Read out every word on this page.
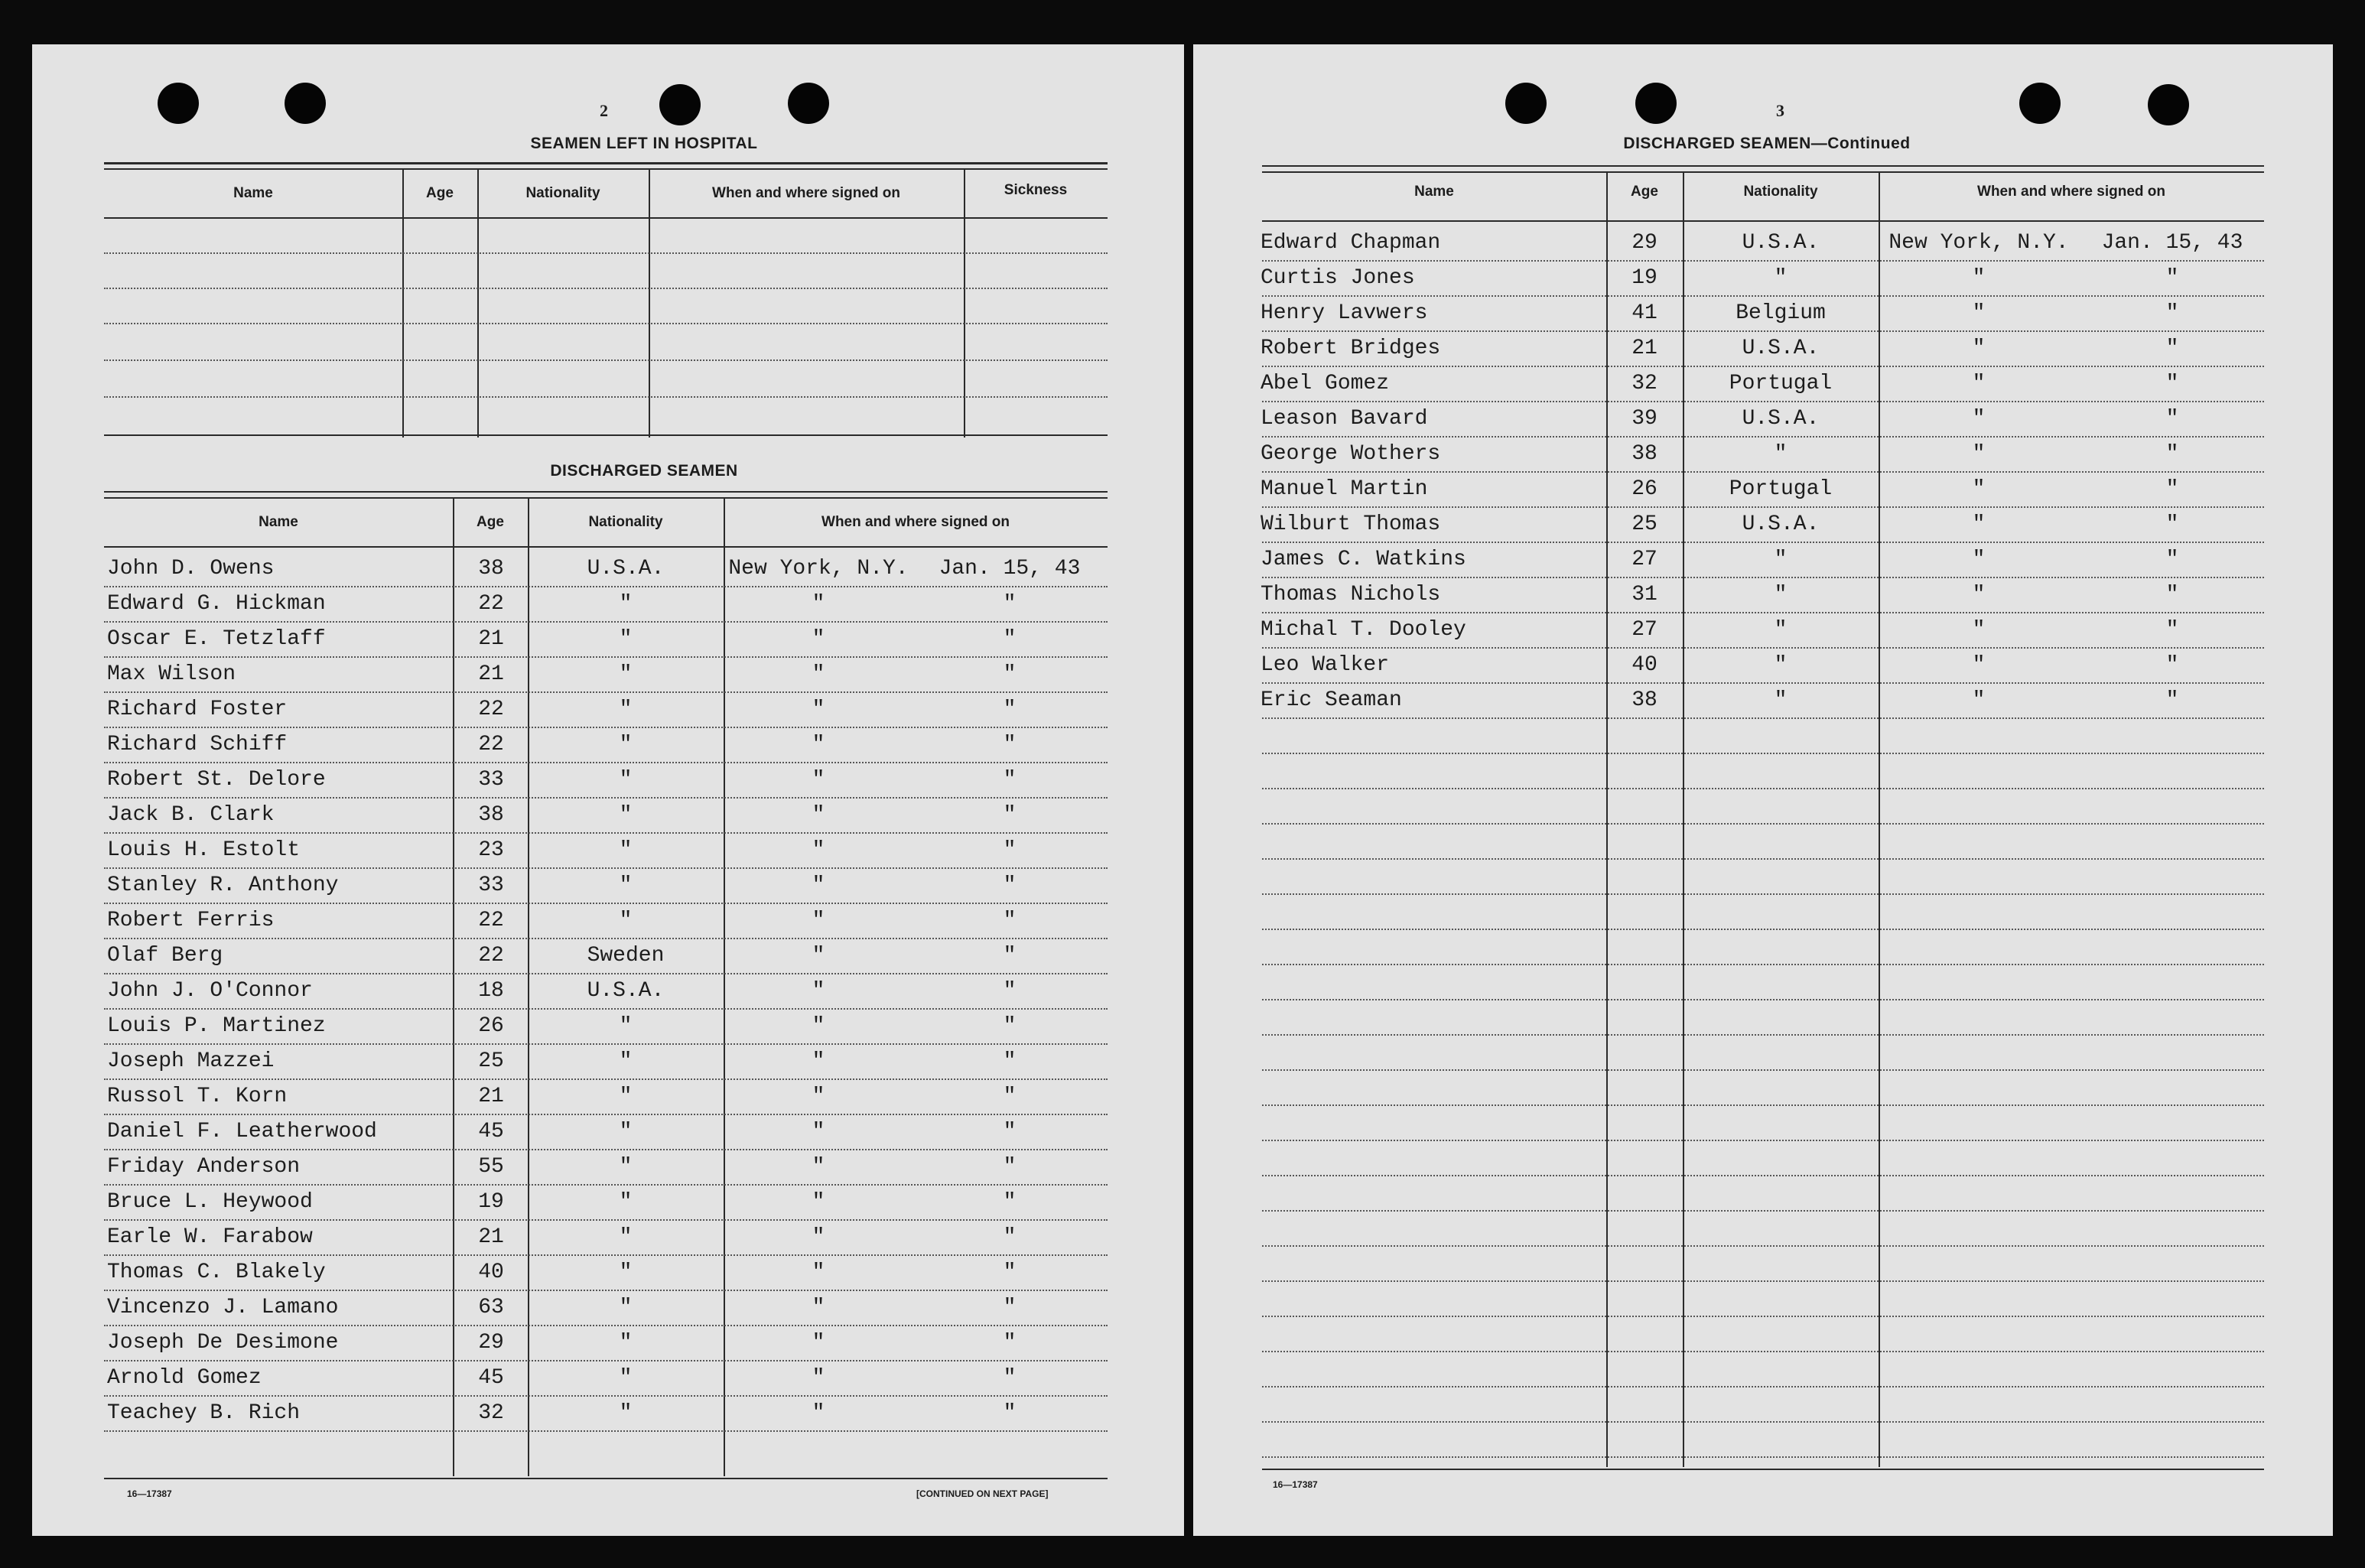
2
SEAMEN LEFT IN HOSPITAL
Name	Age	Nationality	When and where signed on	Sickness
DISCHARGED SEAMEN
Name	Age	Nationality	When and where signed on
John D. Owens	38	U.S.A.	New York, N.Y.	Jan. 15, 43
Edward G. Hickman	22	"	"	"
Oscar E. Tetzlaff	21	"	"	"
Max Wilson	21	"	"	"
Richard Foster	22	"	"	"
Richard Schiff	22	"	"	"
Robert St. Delore	33	"	"	"
Jack B. Clark	38	"	"	"
Louis H. Estolt	23	"	"	"
Stanley R. Anthony	33	"	"	"
Robert Ferris	22	"	"	"
Olaf Berg	22	Sweden	"	"
John J. O'Connor	18	U.S.A.	"	"
Louis P. Martinez	26	"	"	"
Joseph Mazzei	25	"	"	"
Russol T. Korn	21	"	"	"
Daniel F. Leatherwood	45	"	"	"
Friday Anderson	55	"	"	"
Bruce L. Heywood	19	"	"	"
Earle W. Farabow	21	"	"	"
Thomas C. Blakely	40	"	"	"
Vincenzo J. Lamano	63	"	"	"
Joseph De Desimone	29	"	"	"
Arnold Gomez	45	"	"	"
Teachey B. Rich	32	"	"	"
16—17387	[CONTINUED ON NEXT PAGE]
3
DISCHARGED SEAMEN—Continued
Name	Age	Nationality	When and where signed on
Edward Chapman	29	U.S.A.	New York, N.Y.	Jan. 15, 43
Curtis Jones	19	"	"	"
Henry Lavwers	41	Belgium	"	"
Robert Bridges	21	U.S.A.	"	"
Abel Gomez	32	Portugal	"	"
Leason Bavard	39	U.S.A.	"	"
George Wothers	38	"	"	"
Manuel Martin	26	Portugal	"	"
Wilburt Thomas	25	U.S.A.	"	"
James C. Watkins	27	"	"	"
Thomas Nichols	31	"	"	"
Michal T. Dooley	27	"	"	"
Leo Walker	40	"	"	"
Eric Seaman	38	"	"	"
16—17387
